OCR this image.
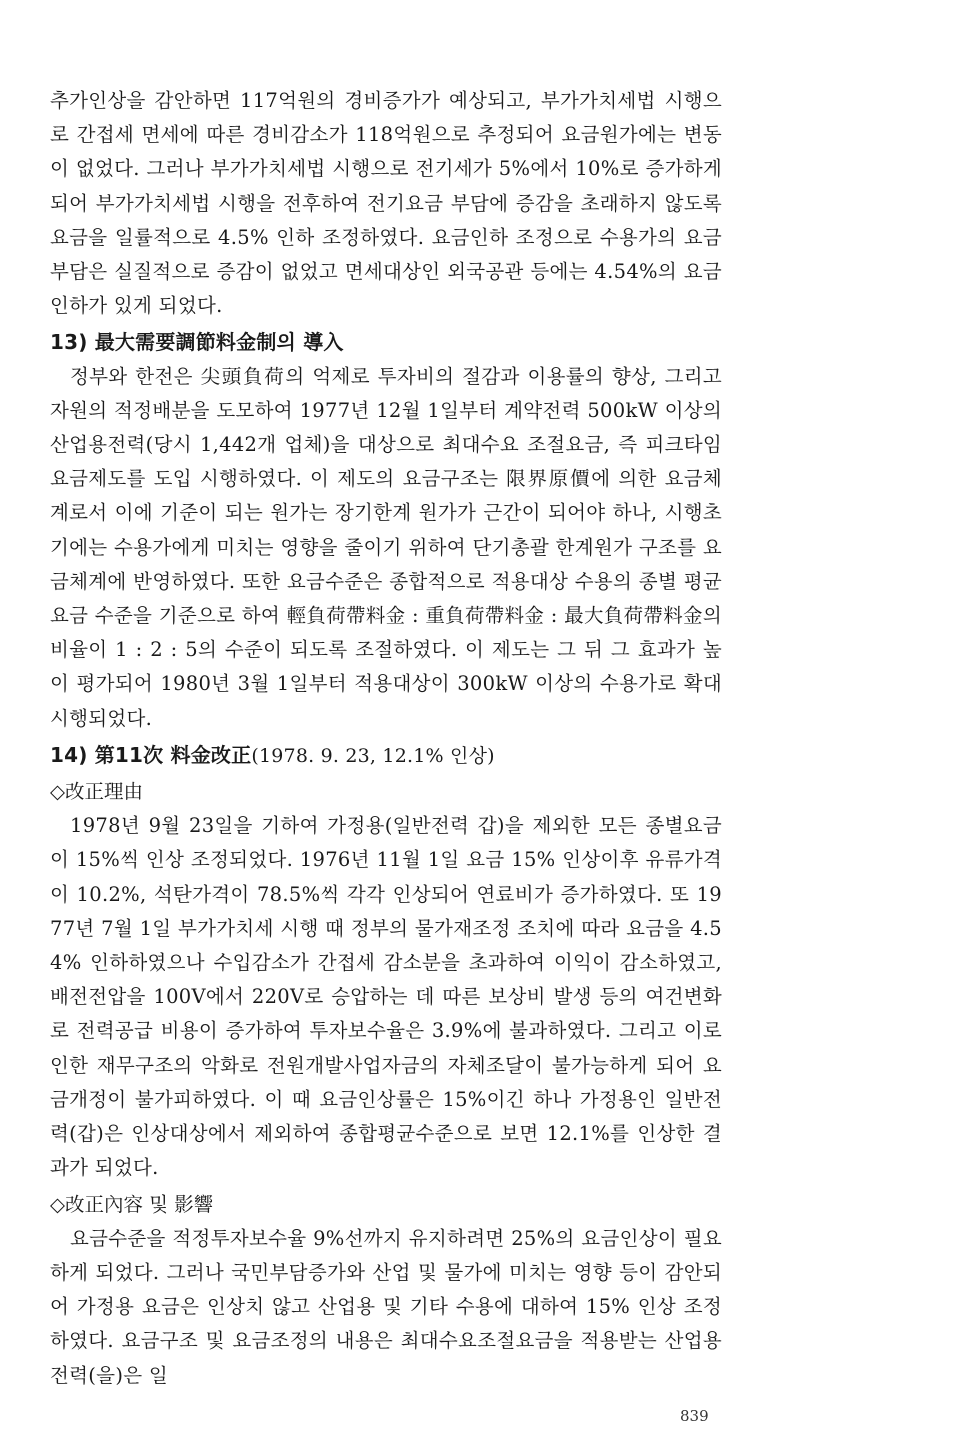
추가인상을 감안하면 117억원의 경비증가가 예상되고, 부가가치세법 시행으로 간접세 면세에 따른 경비감소가 118억원으로 추정되어 요금원가에는 변동이 없었다. 그러나 부가가치세법 시행으로 전기세가 5%에서 10%로 증가하게 되어 부가가치세법 시행을 전후하여 전기요금 부담에 증감을 초래하지 않도록 요금을 일률적으로 4.5% 인하 조정하였다. 요금인하 조정으로 수용가의 요금부담은 실질적으로 증감이 없었고 면세대상인 외국공관 등에는 4.54%의 요금인하가 있게 되었다.

13) 最大需要調節料金制의 導入

정부와 한전은 尖頭負荷의 억제로 투자비의 절감과 이용률의 향상, 그리고 자원의 적정배분을 도모하여 1977년 12월 1일부터 계약전력 500kW 이상의 산업용전력(당시 1,442개 업체)을 대상으로 최대수요 조절요금, 즉 피크타임요금제도를 도입 시행하였다. 이 제도의 요금구조는 限界原價에 의한 요금체계로서 이에 기준이 되는 원가는 장기한계 원가가 근간이 되어야 하나, 시행초기에는 수용가에게 미치는 영향을 줄이기 위하여 단기총괄 한계원가 구조를 요금체계에 반영하였다. 또한 요금수준은 종합적으로 적용대상 수용의 종별 평균요금 수준을 기준으로 하여 輕負荷帶料金 : 重負荷帶料金 : 最大負荷帶料金의 비율이 1 : 2 : 5의 수준이 되도록 조절하였다. 이 제도는 그 뒤 그 효과가 높이 평가되어 1980년 3월 1일부터 적용대상이 300kW 이상의 수용가로 확대 시행되었다.

14) 第11次 料金改正(1978. 9. 23, 12.1% 인상)
◇改正理由

1978년 9월 23일을 기하여 가정용(일반전력 갑)을 제외한 모든 종별요금이 15%씩 인상 조정되었다. 1976년 11월 1일 요금 15% 인상이후 유류가격이 10.2%, 석탄가격이 78.5%씩 각각 인상되어 연료비가 증가하였다. 또 1977년 7월 1일 부가가치세 시행 때 정부의 물가재조정 조치에 따라 요금을 4.54% 인하하였으나 수입감소가 간접세 감소분을 초과하여 이익이 감소하였고, 배전전압을 100V에서 220V로 승압하는 데 따른 보상비 발생 등의 여건변화로 전력공급 비용이 증가하여 투자보수율은 3.9%에 불과하였다. 그리고 이로 인한 재무구조의 악화로 전원개발사업자금의 자체조달이 불가능하게 되어 요금개정이 불가피하였다. 이 때 요금인상률은 15%이긴 하나 가정용인 일반전력(갑)은 인상대상에서 제외하여 종합평균수준으로 보면 12.1%를 인상한 결과가 되었다.

◇改正內容 및 影響

요금수준을 적정투자보수율 9%선까지 유지하려면 25%의 요금인상이 필요하게 되었다. 그러나 국민부담증가와 산업 및 물가에 미치는 영향 등이 감안되어 가정용 요금은 인상치 않고 산업용 및 기타 수용에 대하여 15% 인상 조정하였다. 요금구조 및 요금조정의 내용은 최대수요조절요금을 적용받는 산업용전력(을)은 일

839
